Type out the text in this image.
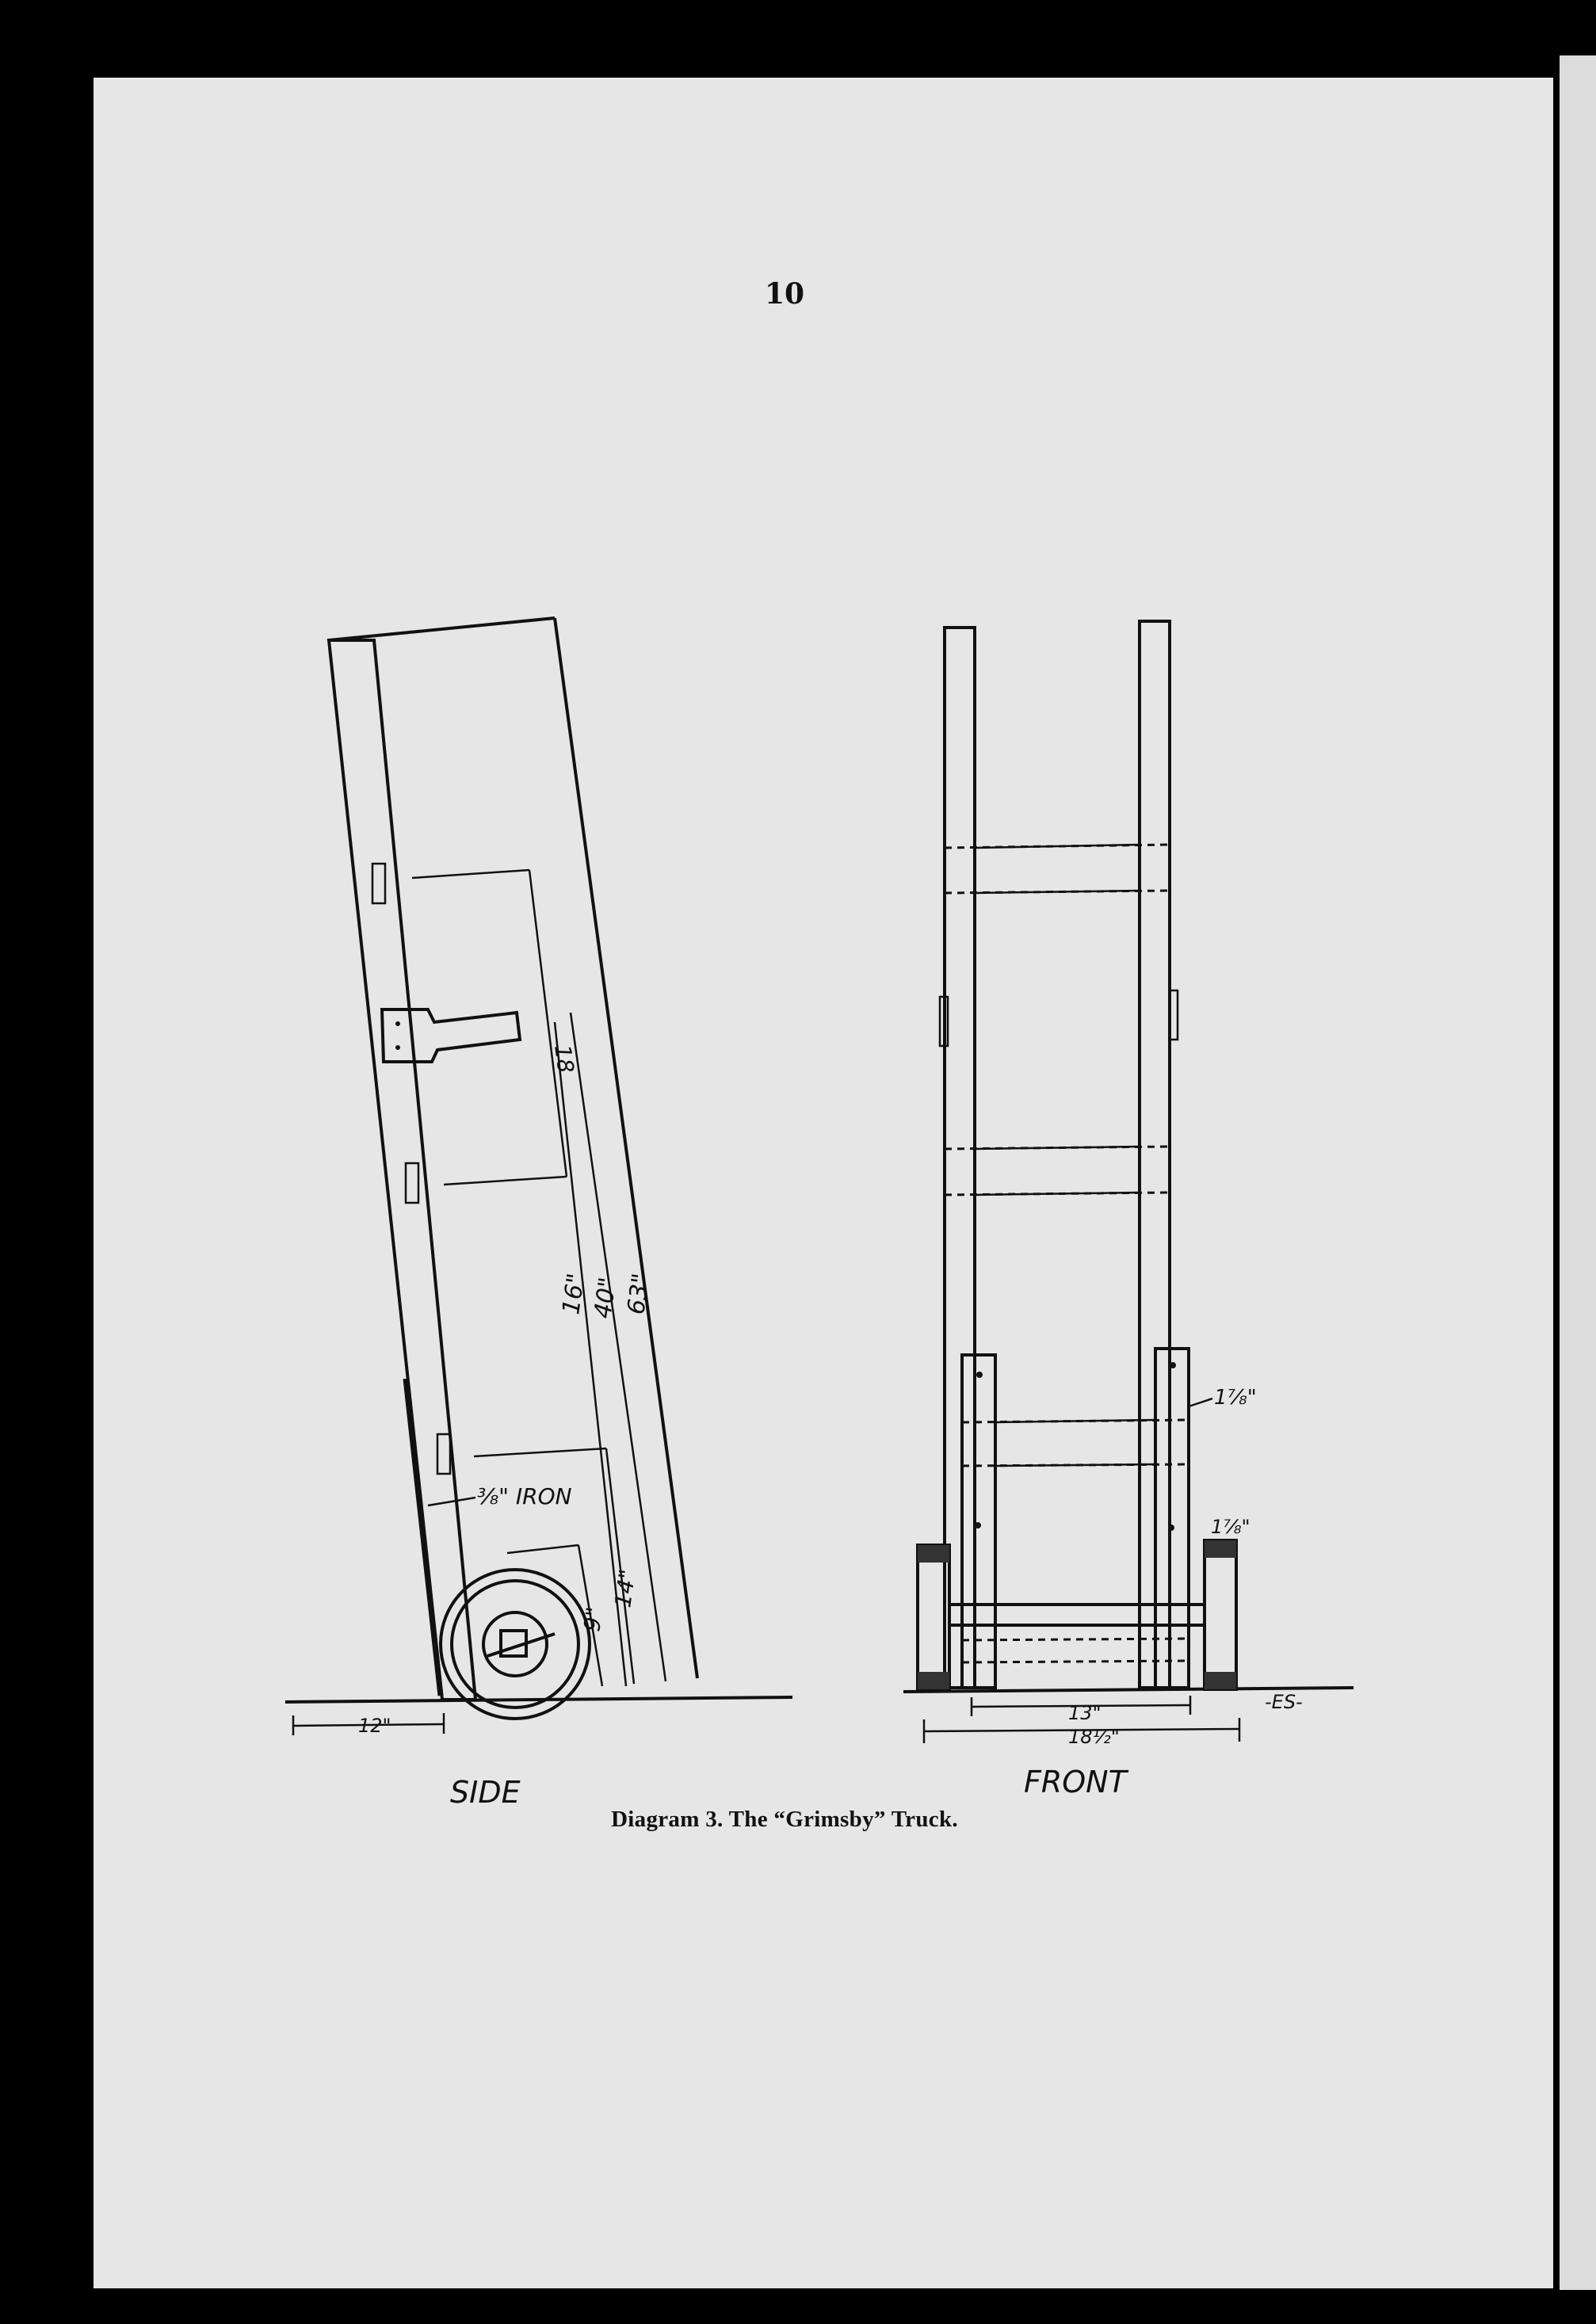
10
12"
18
16"
40" 63"
14"
9"
⅜" IRON
SIDE
13"
18½"
1⅞"
1⅞"
-ES-
FRONT
Diagram 3. The “Grimsby” Truck.
